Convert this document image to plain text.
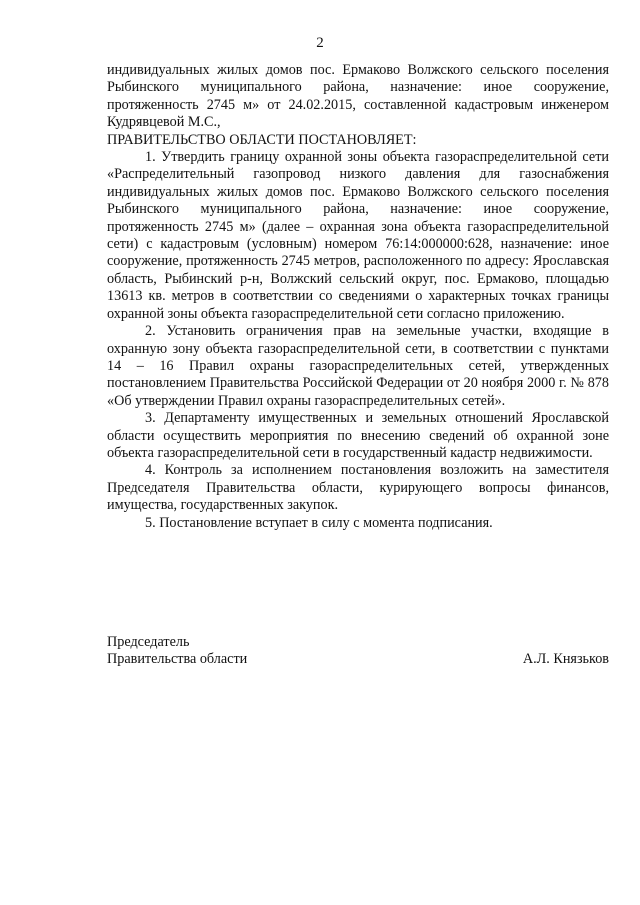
2

индивидуальных жилых домов пос. Ермаково Волжского сельского поселения Рыбинского муниципального района, назначение: иное сооружение, протяженность 2745 м» от 24.02.2015, составленной кадастровым инженером Кудрявцевой М.С.,

ПРАВИТЕЛЬСТВО ОБЛАСТИ ПОСТАНОВЛЯЕТ:

1. Утвердить границу охранной зоны объекта газораспределительной сети «Распределительный газопровод низкого давления для газоснабжения индивидуальных жилых домов пос. Ермаково Волжского сельского поселения Рыбинского муниципального района, назначение: иное сооружение, протяженность 2745 м» (далее – охранная зона объекта газораспределительной сети) с кадастровым (условным) номером 76:14:000000:628, назначение: иное сооружение, протяженность 2745 метров, расположенного по адресу: Ярославская область, Рыбинский р-н, Волжский сельский округ, пос. Ермаково, площадью 13613 кв. метров в соответствии со сведениями о характерных точках границы охранной зоны объекта газораспределительной сети согласно приложению.

2. Установить ограничения прав на земельные участки, входящие в охранную зону объекта газораспределительной сети, в соответствии с пунктами 14 – 16 Правил охраны газораспределительных сетей, утвержденных постановлением Правительства Российской Федерации от 20 ноября 2000 г. № 878 «Об утверждении Правил охраны газораспределительных сетей».

3. Департаменту имущественных и земельных отношений Ярославской области осуществить мероприятия по внесению сведений об охранной зоне объекта газораспределительной сети в государственный кадастр недвижимости.

4. Контроль за исполнением постановления возложить на заместителя Председателя Правительства области, курирующего вопросы финансов, имущества, государственных закупок.

5. Постановление вступает в силу с момента подписания.

Председатель
Правительства области	А.Л. Князьков
